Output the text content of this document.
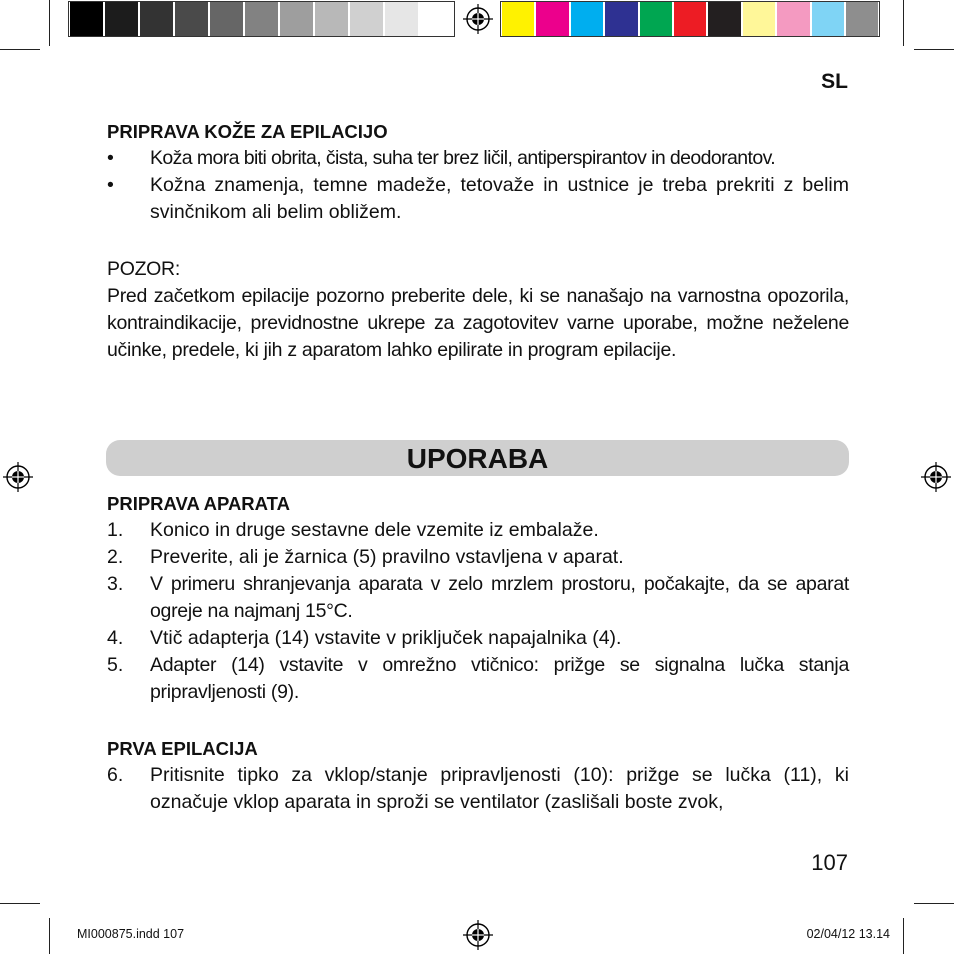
SL
PRIPRAVA KOŽE ZA EPILACIJO
•	Koža mora biti obrita, čista, suha ter brez ličil, antiperspirantov in deodorantov.
•	Kožna znamenja, temne madeže, tetovaže in ustnice je treba prekriti z belim svinčnikom ali belim obližem.
POZOR:
Pred začetkom epilacije pozorno preberite dele, ki se nanašajo na varnostna opozorila, kontraindikacije, previdnostne ukrepe za zagotovitev varne uporabe, možne neželene učinke, predele, ki jih z aparatom lahko epilirate in program epilacije.
UPORABA
PRIPRAVA APARATA
1.	Konico in druge sestavne dele vzemite iz embalaže.
2.	Preverite, ali je žarnica (5) pravilno vstavljena v aparat.
3.	V primeru shranjevanja aparata v zelo mrzlem prostoru, počakajte, da se aparat ogreje na najmanj 15°C.
4.	Vtič adapterja (14) vstavite v priključek napajalnika (4).
5.	Adapter (14) vstavite v omrežno vtičnico: prižge se signalna lučka stanja pripravljenosti (9).
PRVA EPILACIJA
6.	Pritisnite tipko za vklop/stanje pripravljenosti (10): prižge se lučka (11), ki označuje vklop aparata in sproži se ventilator (zaslišali boste zvok,
107
MI000875.indd 107	02/04/12 13.14
